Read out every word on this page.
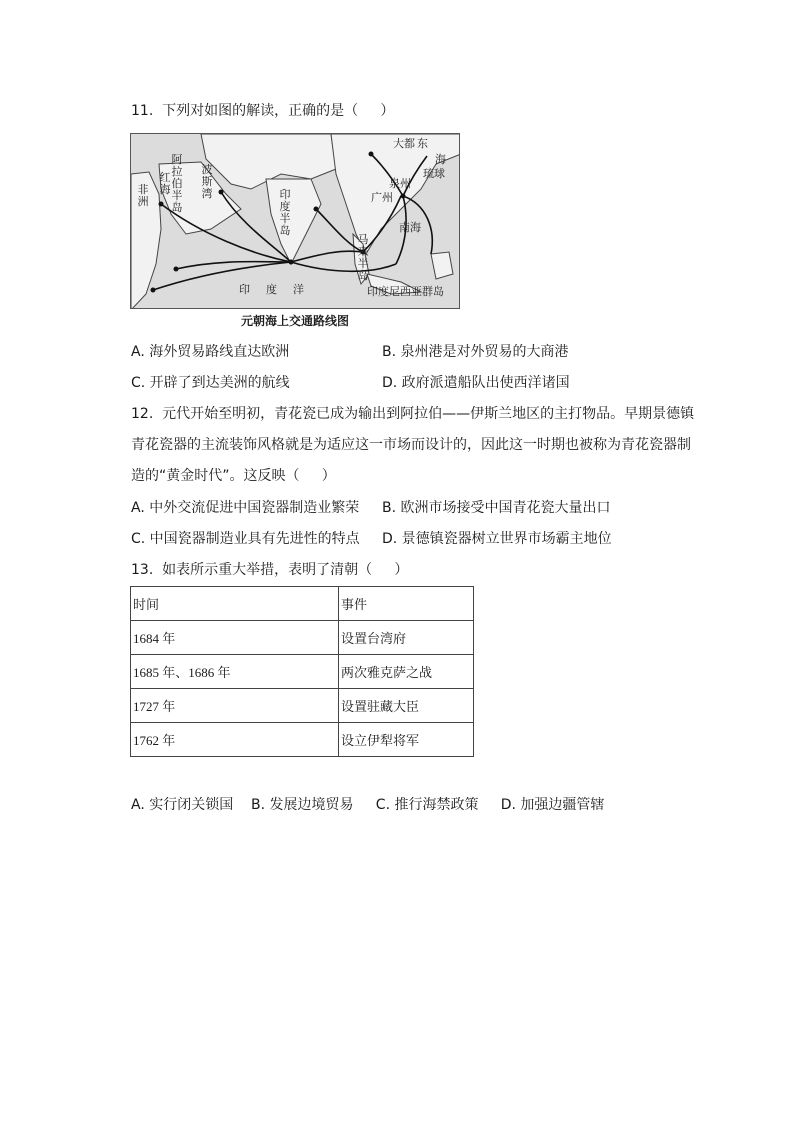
11.  下列对如图的解读，正确的是（     ）
非洲
红海
阿拉伯半岛
波斯湾	印度半岛
印度洋
马来半岛
印度尼西亚群岛
大都 东
泉州
广州
琉球
海
南海
元朝海上交通路线图
A. 海外贸易路线直达欧洲	B. 泉州港是对外贸易的大商港
C. 开辟了到达美洲的航线	D. 政府派遣船队出使西洋诸国
12.  元代开始至明初，青花瓷已成为输出到阿拉伯——伊斯兰地区的主打物品。早期景德镇
青花瓷器的主流装饰风格就是为适应这一市场而设计的，因此这一时期也被称为青花瓷器制
造的“黄金时代”。这反映（     ）
A. 中外交流促进中国瓷器制造业繁荣 B. 欧洲市场接受中国青花瓷大量出口
C. 中国瓷器制造业具有先进性的特点 D. 景德镇瓷器树立世界市场霸主地位
13.  如表所示重大举措，表明了清朝（     ）
时间	事件
1684 年	设置台湾府
1685 年、1686 年	两次雅克萨之战
1727 年	设置驻藏大臣
1762 年	设立伊犁将军
A. 实行闭关锁国    B. 发展边境贸易     C. 推行海禁政策     D. 加强边疆管辖
